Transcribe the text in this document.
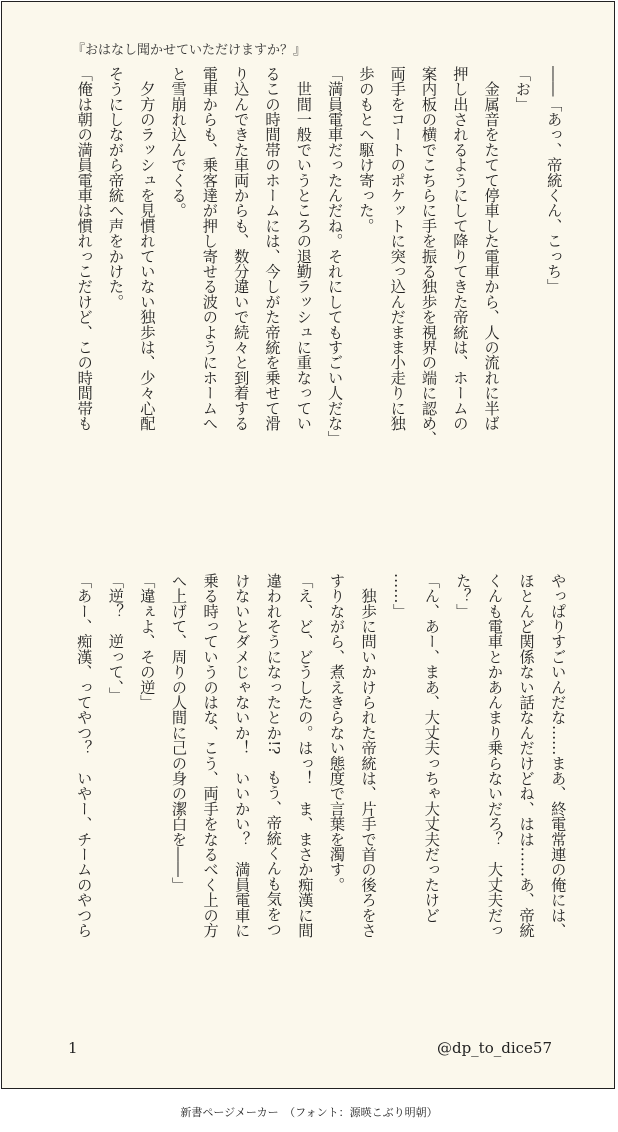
『おはなし聞かせていただけますか？』
――「あっ、帝統くん、こっち」
「お」
　金属音をたてて停車した電車から、人の流れに半ば
押し出されるようにして降りてきた帝統は、ホームの
案内板の横でこちらに手を振る独歩を視界の端に認め、
両手をコートのポケットに突っ込んだまま小走りに独
歩のもとへ駆け寄った。
「満員電車だったんだね。それにしてもすごい人だな」
　世間一般でいうところの退勤ラッシュに重なってい
るこの時間帯のホームには、今しがた帝統を乗せて滑
り込んできた車両からも、数分違いで続々と到着する
電車からも、乗客達が押し寄せる波のようにホームへ
と雪崩れ込んでくる。
　夕方のラッシュを見慣れていない独歩は、少々心配
そうにしながら帝統へ声をかけた。
「俺は朝の満員電車は慣れっこだけど、この時間帯も
やっぱりすごいんだな……まあ、終電常連の俺には、
ほとんど関係ない話なんだけどね、はは……あ、帝統
くんも電車とかあんまり乗らないだろ？　大丈夫だっ
た？」
「ん、あー、まあ、大丈夫っちゃ大丈夫だったけど
……」
　独歩に問いかけられた帝統は、片手で首の後ろをさ
すりながら、煮えきらない態度で言葉を濁す。
「え、ど、どうしたの。はっ！　ま、まさか痴漢に間
違われそうになったとか!?　もう、帝統くんも気をつ
けないとダメじゃないか！　いいかい？　満員電車に
乗る時っていうのはな、こう、両手をなるべく上の方
へ上げて、周りの人間に己の身の潔白を――」
「違ぇよ、その逆」
「逆？　逆って、」
「あー、痴漢、ってやつ？　いやー、チームのやつら
1	@dp_to_dice57
新書ページメーカー　（フォント：源暎こぶり明朝）
